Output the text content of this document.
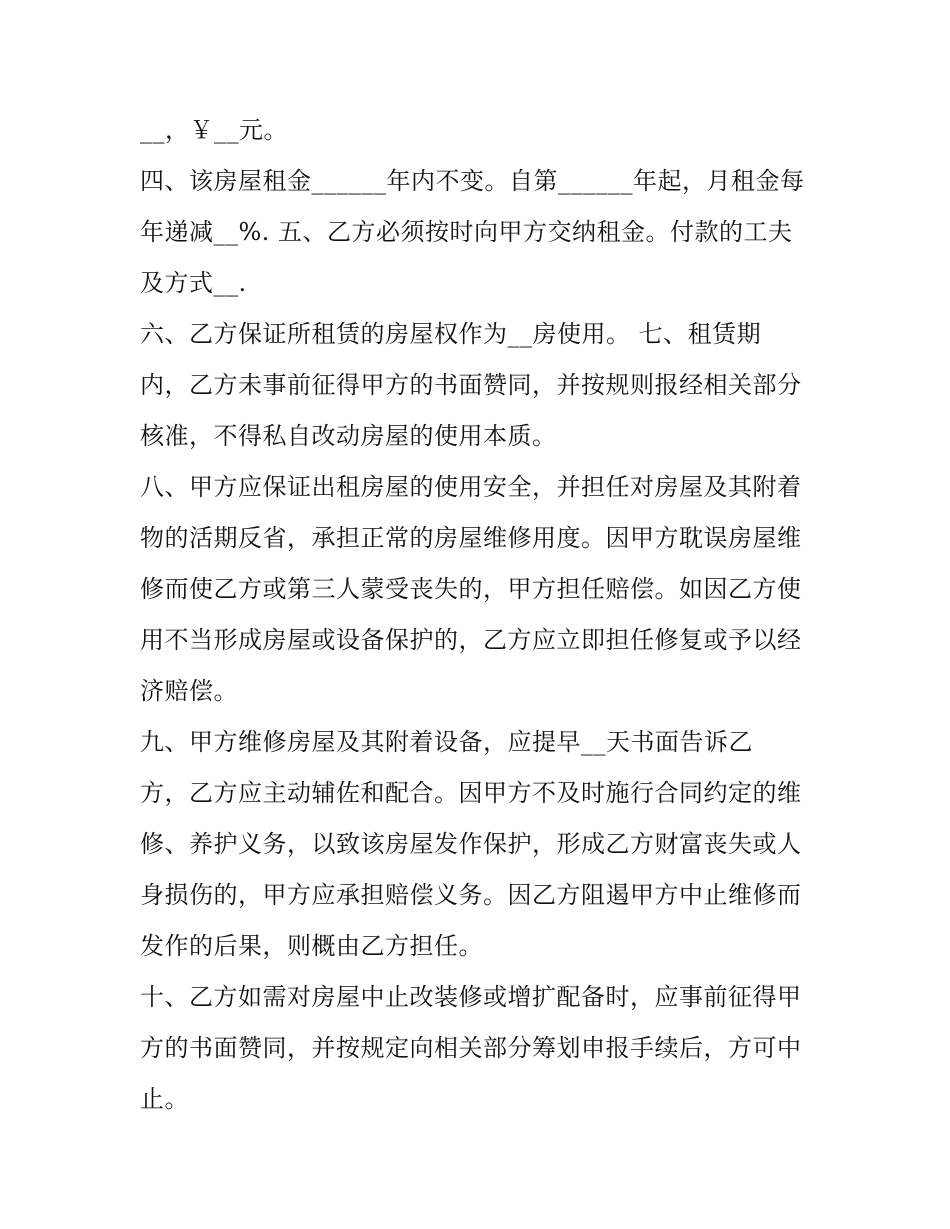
__，￥__元。
四、该房屋租金______年内不变。自第______年起，月租金每
年递减__%. 五、乙方必须按时向甲方交纳租金。付款的工夫
及方式__.
六、乙方保证所租赁的房屋权作为__房使用。 七、租赁期
内，乙方未事前征得甲方的书面赞同，并按规则报经相关部分
核准，不得私自改动房屋的使用本质。
八、甲方应保证出租房屋的使用安全，并担任对房屋及其附着
物的活期反省，承担正常的房屋维修用度。因甲方耽误房屋维
修而使乙方或第三人蒙受丧失的，甲方担任赔偿。如因乙方使
用不当形成房屋或设备保护的，乙方应立即担任修复或予以经
济赔偿。
九、甲方维修房屋及其附着设备，应提早__天书面告诉乙
方，乙方应主动辅佐和配合。因甲方不及时施行合同约定的维
修、养护义务，以致该房屋发作保护，形成乙方财富丧失或人
身损伤的，甲方应承担赔偿义务。因乙方阻遏甲方中止维修而
发作的后果，则概由乙方担任。
十、乙方如需对房屋中止改装修或增扩配备时，应事前征得甲
方的书面赞同，并按规定向相关部分筹划申报手续后，方可中
止。
